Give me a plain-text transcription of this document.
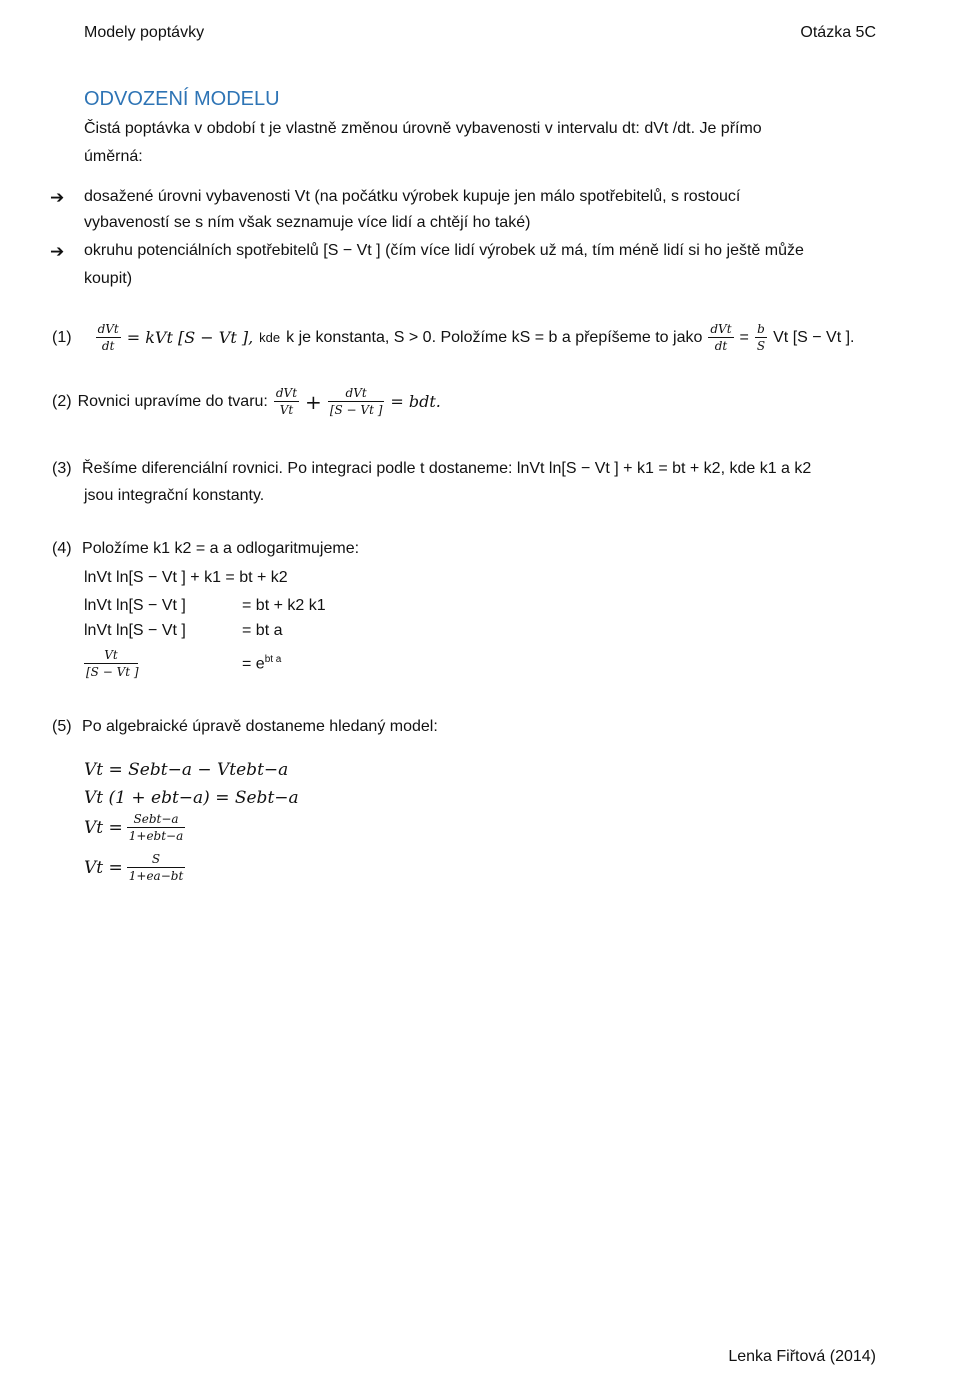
Modely poptávky	Otázka 5C
ODVOZENÍ MODELU
Čistá poptávka v období t je vlastně změnou úrovně vybavenosti v intervalu dt: dVt /dt. Je přímo
úměrná:
➔ dosažené úrovni vybavenosti Vt (na počátku výrobek kupuje jen málo spotřebitelů, s rostoucí
vybaveností se s ním však seznamuje více lidí a chtějí ho také)
➔ okruhu potenciálních spotřebitelů [S − Vt ] (čím více lidí výrobek už má, tím méně lidí si ho ještě může
koupit)
$(1) \frac{\text{dVt}}{dt}$ = kVt [S − Vt ], kde k je konstanta, S > 0. Položíme kS = b a přepíšeme to jako $\frac{\text{dVt}}{dt} = \frac{b}{S}$ Vt [S − Vt ].
(2) Rovnici upravíme do tvaru: $\frac{\text{dVt}}{Vt} + \frac{\text{dVt}}{[S - Vt ]}$ = bdt.
(3) Řešíme diferenciální rovnici. Po integraci podle t dostaneme: lnVt ln[S − Vt ] + k1 = bt + k2, kde k1 a k2
jsou integrační konstanty.
(4) Položíme k1 k2 = a a odlogaritmujeme:
lnVt ln[S − Vt ] + k1 = bt + k2
lnVt ln[S − Vt ]	= bt + k2 k1
lnVt ln[S − Vt ]	= bt a
$\frac{Vt}{[S - Vt ]}$	= $e^{bt a}$
(5) Po algebraické úpravě dostaneme hledaný model:
Vt = Sebt−a − Vtebt−a
Vt (1 + ebt−a) = Sebt−a
$Vt = \frac{\text{Sebt−a}}{\text{1+ebt−a}}$
$Vt = \frac{S}{1+ea-bt}$
Lenka Fiřtová (2014)
